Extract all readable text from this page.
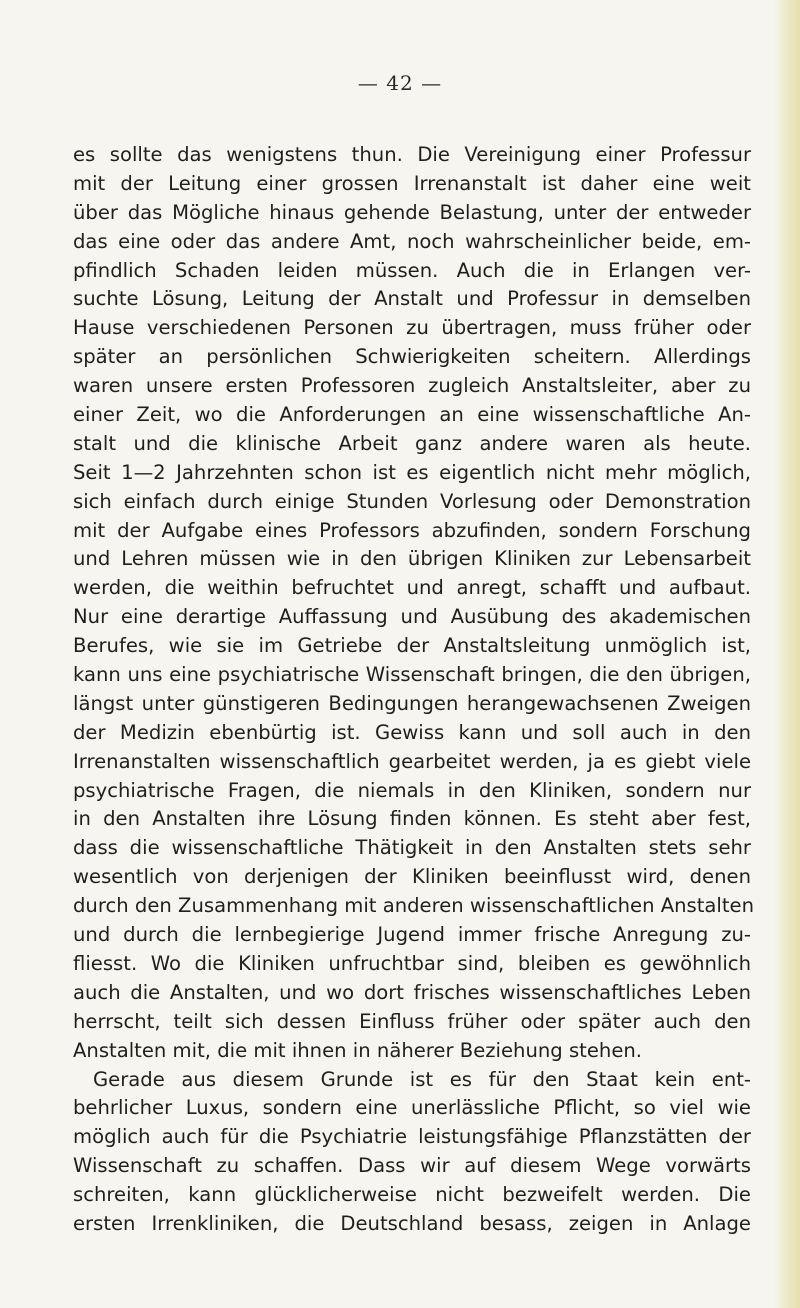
— 42 —
es sollte das wenigstens thun. Die Vereinigung einer Professur
mit der Leitung einer grossen Irrenanstalt ist daher eine weit
über das Mögliche hinaus gehende Belastung, unter der entweder
das eine oder das andere Amt, noch wahrscheinlicher beide, em-
pfindlich Schaden leiden müssen. Auch die in Erlangen ver-
suchte Lösung, Leitung der Anstalt und Professur in demselben
Hause verschiedenen Personen zu übertragen, muss früher oder
später an persönlichen Schwierigkeiten scheitern. Allerdings
waren unsere ersten Professoren zugleich Anstaltsleiter, aber zu
einer Zeit, wo die Anforderungen an eine wissenschaftliche An-
stalt und die klinische Arbeit ganz andere waren als heute.
Seit 1—2 Jahrzehnten schon ist es eigentlich nicht mehr möglich,
sich einfach durch einige Stunden Vorlesung oder Demonstration
mit der Aufgabe eines Professors abzufinden, sondern Forschung
und Lehren müssen wie in den übrigen Kliniken zur Lebensarbeit
werden, die weithin befruchtet und anregt, schafft und aufbaut.
Nur eine derartige Auffassung und Ausübung des akademischen
Berufes, wie sie im Getriebe der Anstaltsleitung unmöglich ist,
kann uns eine psychiatrische Wissenschaft bringen, die den übrigen,
längst unter günstigeren Bedingungen herangewachsenen Zweigen
der Medizin ebenbürtig ist. Gewiss kann und soll auch in den
Irrenanstalten wissenschaftlich gearbeitet werden, ja es giebt viele
psychiatrische Fragen, die niemals in den Kliniken, sondern nur
in den Anstalten ihre Lösung finden können. Es steht aber fest,
dass die wissenschaftliche Thätigkeit in den Anstalten stets sehr
wesentlich von derjenigen der Kliniken beeinflusst wird, denen
durch den Zusammenhang mit anderen wissenschaftlichen Anstalten
und durch die lernbegierige Jugend immer frische Anregung zu-
fliesst. Wo die Kliniken unfruchtbar sind, bleiben es gewöhnlich
auch die Anstalten, und wo dort frisches wissenschaftliches Leben
herrscht, teilt sich dessen Einfluss früher oder später auch den
Anstalten mit, die mit ihnen in näherer Beziehung stehen.
Gerade aus diesem Grunde ist es für den Staat kein ent-
behrlicher Luxus, sondern eine unerlässliche Pflicht, so viel wie
möglich auch für die Psychiatrie leistungsfähige Pflanzstätten der
Wissenschaft zu schaffen. Dass wir auf diesem Wege vorwärts
schreiten, kann glücklicherweise nicht bezweifelt werden. Die
ersten Irrenkliniken, die Deutschland besass, zeigen in Anlage
